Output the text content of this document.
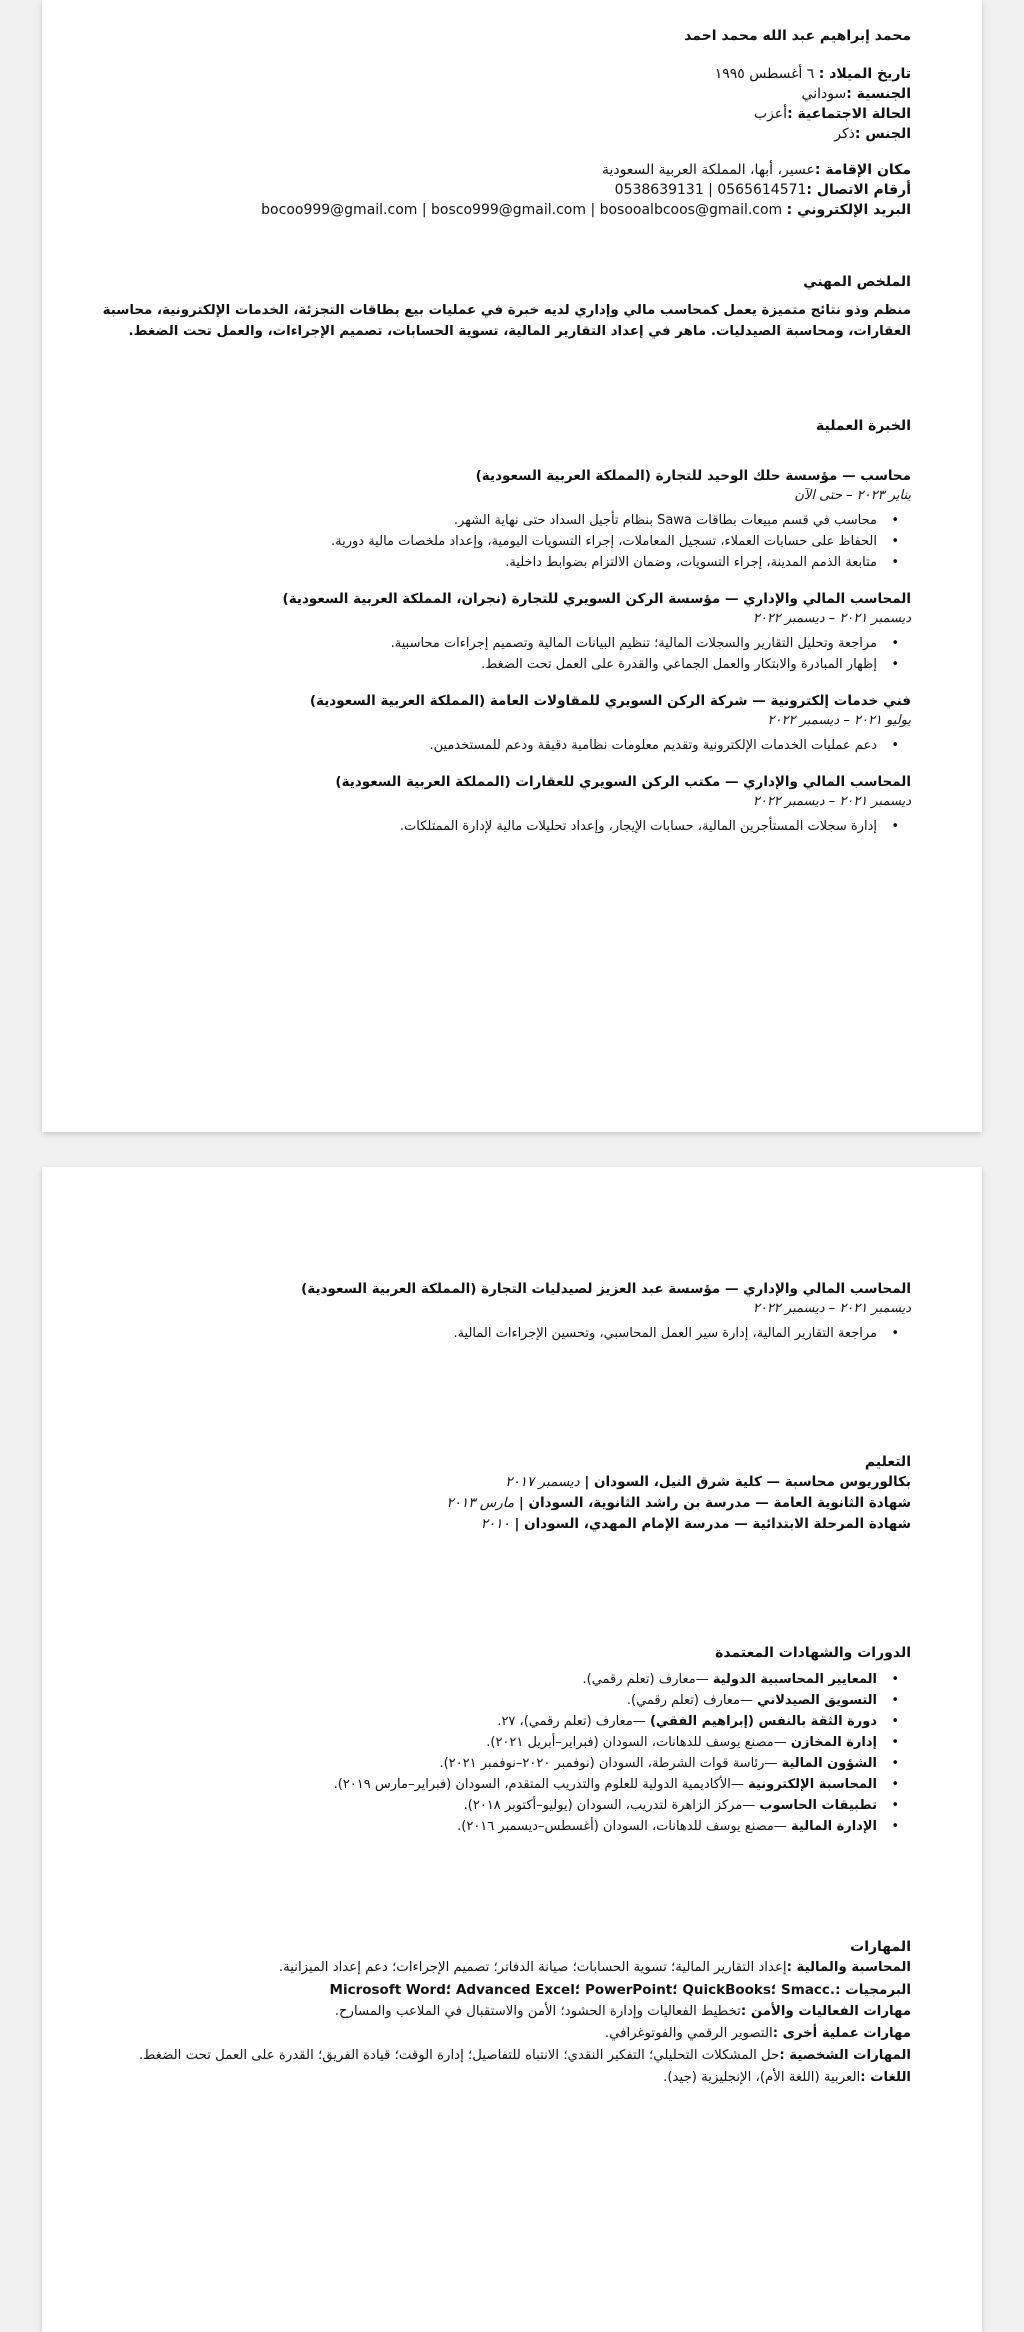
محمد إبراهيم عبد الله محمد احمد
تاريخ الميلاد : ٦ أغسطس ١٩٩٥
الجنسية :سوداني
الحالة الاجتماعية :أعزب
الجنس :ذكر
مكان الإقامة :عسير، أبها، المملكة العربية السعودية
أرقام الاتصال :0538639131 | 0565614571
البريد الإلكتروني : bocoo999@gmail.com | bosco999@gmail.com | bosooalbcoos@gmail.com
الملخص المهني
منظم وذو نتائج متميزة يعمل كمحاسب مالي وإداري لديه خبرة في عمليات بيع بطاقات التجزئة، الخدمات الإلكترونية، محاسبة العقارات، ومحاسبة الصيدليات. ماهر في إعداد التقارير المالية، تسوية الحسابات، تصميم الإجراءات، والعمل تحت الضغط.
الخبرة العملية
محاسب — مؤسسة حلك الوحيد للتجارة (المملكة العربية السعودية)
يناير ٢٠٢٣ – حتى الآن
• محاسب في قسم مبيعات بطاقات Sawa بنظام تأجيل السداد حتى نهاية الشهر.
• الحفاظ على حسابات العملاء، تسجيل المعاملات، إجراء التسويات اليومية، وإعداد ملخصات مالية دورية.
• متابعة الذمم المدينة، إجراء التسويات، وضمان الالتزام بضوابط داخلية.
المحاسب المالي والإداري — مؤسسة الركن السويري للتجارة (نجران، المملكة العربية السعودية)
ديسمبر ٢٠٢١ – ديسمبر ٢٠٢٢
• مراجعة وتحليل التقارير والسجلات المالية؛ تنظيم البيانات المالية وتصميم إجراءات محاسبية.
• إظهار المبادرة والابتكار والعمل الجماعي والقدرة على العمل تحت الضغط.
فني خدمات إلكترونية — شركة الركن السويري للمقاولات العامة (المملكة العربية السعودية)
يوليو ٢٠٢١ – ديسمبر ٢٠٢٢
• دعم عمليات الخدمات الإلكترونية وتقديم معلومات نظامية دقيقة ودعم للمستخدمين.
المحاسب المالي والإداري — مكتب الركن السويري للعقارات (المملكة العربية السعودية)
ديسمبر ٢٠٢١ – ديسمبر ٢٠٢٢
• إدارة سجلات المستأجرين المالية، حسابات الإيجار، وإعداد تحليلات مالية لإدارة الممتلكات.
المحاسب المالي والإداري — مؤسسة عبد العزيز لصيدليات التجارة (المملكة العربية السعودية)
ديسمبر ٢٠٢١ – ديسمبر ٢٠٢٢
• مراجعة التقارير المالية، إدارة سير العمل المحاسبي، وتحسين الإجراءات المالية.
التعليم
بكالوريوس محاسبة — كلية شرق النيل، السودان | ديسمبر ٢٠١٧
شهادة الثانوية العامة — مدرسة بن راشد الثانوية، السودان | مارس ٢٠١٣
شهادة المرحلة الابتدائية — مدرسة الإمام المهدي، السودان | ٢٠١٠
الدورات والشهادات المعتمدة
• المعايير المحاسبية الدولية —معارف (تعلم رقمي).
• التسويق الصيدلاني —معارف (تعلم رقمي).
• دورة الثقة بالنفس (إبراهيم الفقي) —معارف (تعلم رقمي)، ٢٧.
• إدارة المخازن —مصنع يوسف للدهانات، السودان (فبراير–أبريل ٢٠٢١).
• الشؤون المالية —رئاسة قوات الشرطة، السودان (نوفمبر ٢٠٢٠–نوفمبر ٢٠٢١).
• المحاسبة الإلكترونية —الأكاديمية الدولية للعلوم والتدريب المتقدم، السودان (فبراير–مارس ٢٠١٩).
• تطبيقات الحاسوب —مركز الزاهرة لتدريب، السودان (يوليو–أكتوبر ٢٠١٨).
• الإدارة المالية —مصنع يوسف للدهانات، السودان (أغسطس–ديسمبر ٢٠١٦).
المهارات
المحاسبة والمالية :إعداد التقارير المالية؛ تسوية الحسابات؛ صيانة الدفاتر؛ تصميم الإجراءات؛ دعم إعداد الميزانية.
البرمجيات :Microsoft Word؛ Advanced Excel؛ PowerPoint؛ QuickBooks؛ Smacc.
مهارات الفعاليات والأمن :تخطيط الفعاليات وإدارة الحشود؛ الأمن والاستقبال في الملاعب والمسارح.
مهارات عملية أخرى :التصوير الرقمي والفوتوغرافي.
المهارات الشخصية :حل المشكلات التحليلي؛ التفكير النقدي؛ الانتباه للتفاصيل؛ إدارة الوقت؛ قيادة الفريق؛ القدرة على العمل تحت الضغط.
اللغات :العربية (اللغة الأم)، الإنجليزية (جيد).
